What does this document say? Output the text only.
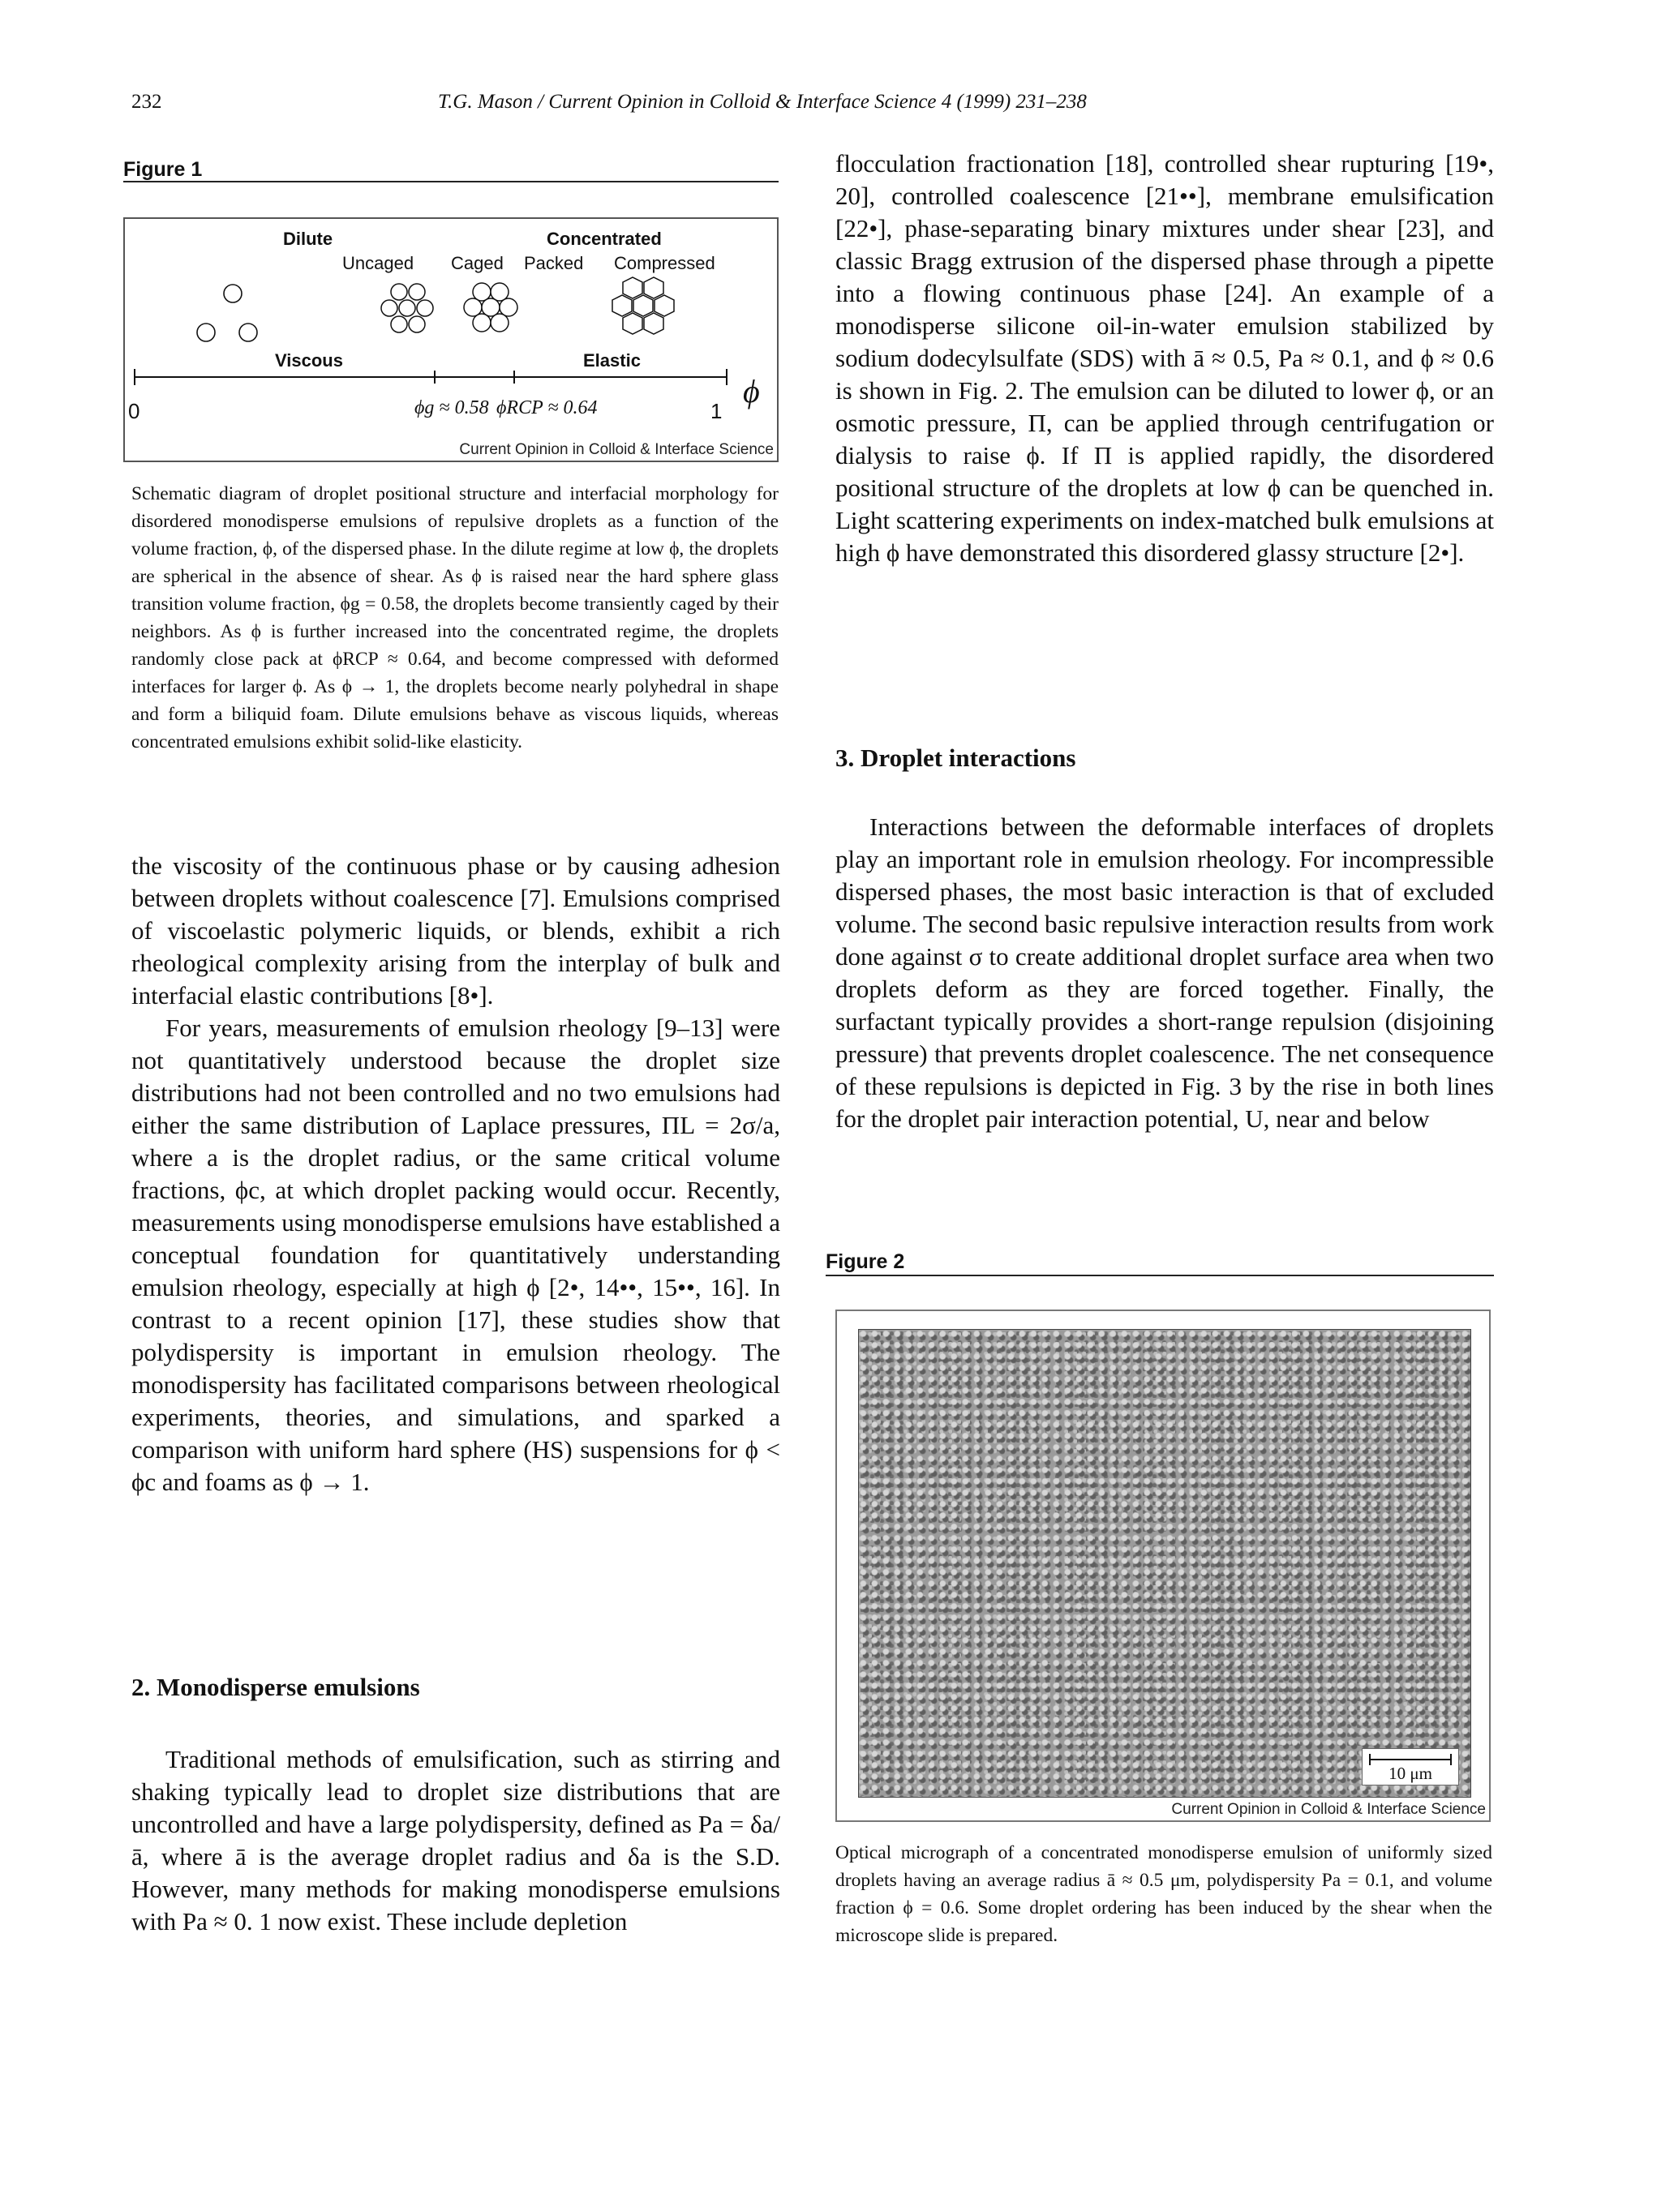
232	T.G. Mason / Current Opinion in Colloid & Interface Science 4 (1999) 231–238
Figure 1
Dilute	Concentrated
Uncaged Caged Packed Compressed
Viscous	Elastic
0	1
ϕ
ϕg ≈ 0.58 ϕRCP ≈ 0.64
Current Opinion in Colloid & Interface Science
Schematic diagram of droplet positional structure and interfacial morphology for disordered monodisperse emulsions of repulsive droplets as a function of the volume fraction, ϕ, of the dispersed phase. In the dilute regime at low ϕ, the droplets are spherical in the absence of shear. As ϕ is raised near the hard sphere glass transition volume fraction, ϕg = 0.58, the droplets become transiently caged by their neighbors. As ϕ is further increased into the concentrated regime, the droplets randomly close pack at ϕRCP ≈ 0.64, and become compressed with deformed interfaces for larger ϕ. As ϕ → 1, the droplets become nearly polyhedral in shape and form a biliquid foam. Dilute emulsions behave as viscous liquids, whereas concentrated emulsions exhibit solid-like elasticity.

the viscosity of the continuous phase or by causing adhesion between droplets without coalescence [7]. Emulsions comprised of viscoelastic polymeric liquids, or blends, exhibit a rich rheological complexity arising from the interplay of bulk and interfacial elastic contributions [8•].

For years, measurements of emulsion rheology [9–13] were not quantitatively understood because the droplet size distributions had not been controlled and no two emulsions had either the same distribution of Laplace pressures, ΠL = 2σ/a, where a is the droplet radius, or the same critical volume fractions, ϕc, at which droplet packing would occur. Recently, measurements using monodisperse emulsions have established a conceptual foundation for quantitatively understanding emulsion rheology, especially at high ϕ [2•, 14••, 15••, 16]. In contrast to a recent opinion [17], these studies show that polydispersity is important in emulsion rheology. The monodispersity has facilitated comparisons between rheological experiments, theories, and simulations, and sparked a comparison with uniform hard sphere (HS) suspensions for ϕ < ϕc and foams as ϕ → 1.

2. Monodisperse emulsions

Traditional methods of emulsification, such as stirring and shaking typically lead to droplet size distributions that are uncontrolled and have a large polydispersity, defined as Pa = δa/ā, where ā is the average droplet radius and δa is the S.D. However, many methods for making monodisperse emulsions with Pa ≈ 0. 1 now exist. These include depletion

flocculation fractionation [18], controlled shear rupturing [19•, 20], controlled coalescence [21••], membrane emulsification [22•], phase-separating binary mixtures under shear [23], and classic Bragg extrusion of the dispersed phase through a pipette into a flowing continuous phase [24]. An example of a monodisperse silicone oil-in-water emulsion stabilized by sodium dodecylsulfate (SDS) with ā ≈ 0.5, Pa ≈ 0.1, and ϕ ≈ 0.6 is shown in Fig. 2. The emulsion can be diluted to lower ϕ, or an osmotic pressure, Π, can be applied through centrifugation or dialysis to raise ϕ. If Π is applied rapidly, the disordered positional structure of the droplets at low ϕ can be quenched in. Light scattering experiments on index-matched bulk emulsions at high ϕ have demonstrated this disordered glassy structure [2•].

3. Droplet interactions

Interactions between the deformable interfaces of droplets play an important role in emulsion rheology. For incompressible dispersed phases, the most basic interaction is that of excluded volume. The second basic repulsive interaction results from work done against σ to create additional droplet surface area when two droplets deform as they are forced together. Finally, the surfactant typically provides a short-range repulsion (disjoining pressure) that prevents droplet coalescence. The net consequence of these repulsions is depicted in Fig. 3 by the rise in both lines for the droplet pair interaction potential, U, near and below

Figure 2
10 μm
Current Opinion in Colloid & Interface Science
Optical micrograph of a concentrated monodisperse emulsion of uniformly sized droplets having an average radius ā ≈ 0.5 μm, polydispersity Pa = 0.1, and volume fraction ϕ = 0.6. Some droplet ordering has been induced by the shear when the microscope slide is prepared.
